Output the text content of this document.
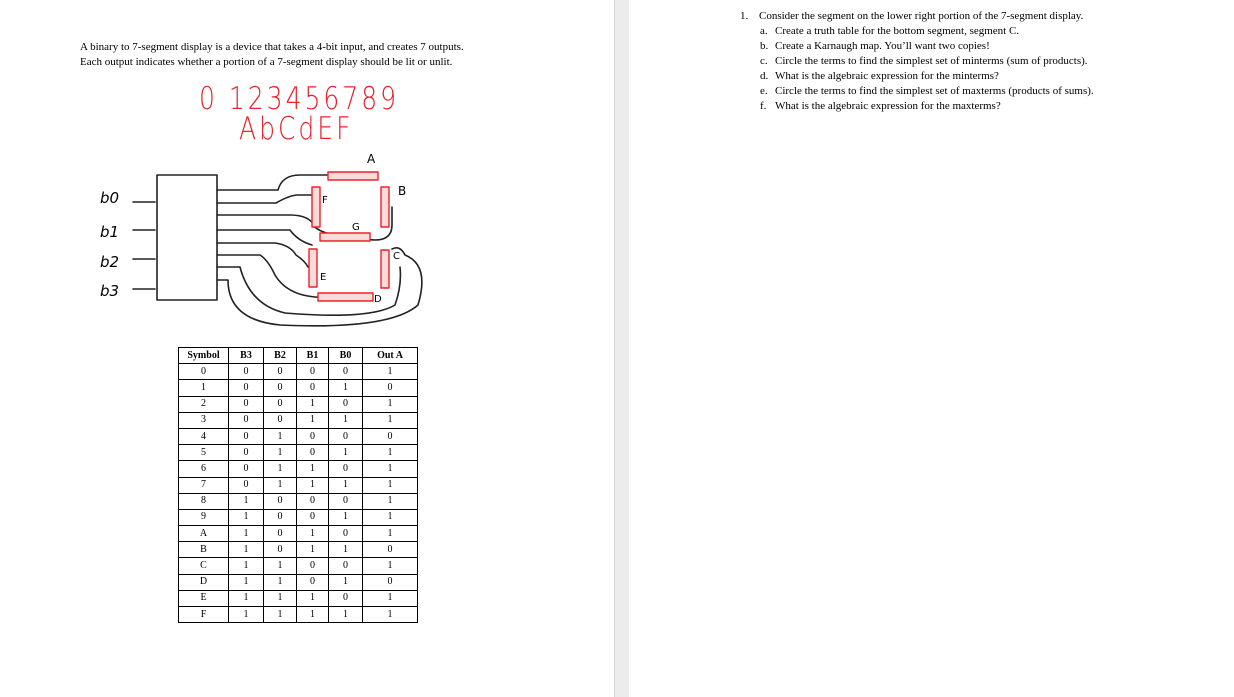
A binary to 7-segment display is a device that takes a 4-bit input, and creates 7 outputs.

Each output indicates whether a portion of a 7-segment display should be lit or unlit.

0 123456789
AbCdEF
b0
b1
b2
b3
A
B
C
D
E
F
G
Symbol	B3	B2	B1	B0	Out A
0	0	0	0	0	1
1	0	0	0	1	0
2	0	0	1	0	1
3	0	0	1	1	1
4	0	1	0	0	0
5	0	1	0	1	1
6	0	1	1	0	1
7	0	1	1	1	1
8	1	0	0	0	1
9	1	0	0	1	1
A	1	0	1	0	1
B	1	0	1	1	0
C	1	1	0	0	1
D	1	1	0	1	0
E	1	1	1	0	1
F	1	1	1	1	1
1. Consider the segment on the lower right portion of the 7-segment display.
a. Create a truth table for the bottom segment, segment C.
b. Create a Karnaugh map. You’ll want two copies!
c. Circle the terms to find the simplest set of minterms (sum of products).
d. What is the algebraic expression for the minterms?
e. Circle the terms to find the simplest set of maxterms (products of sums).
f. What is the algebraic expression for the maxterms?
